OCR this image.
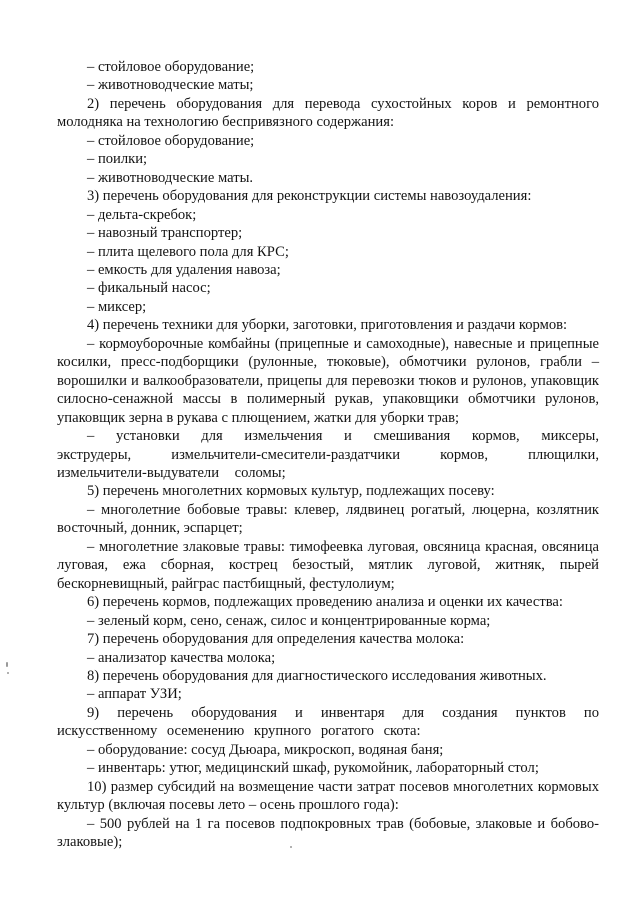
– стойловое оборудование;

– животноводческие маты;

2) перечень оборудования для перевода сухостойных коров и ремонтного молодняка на технологию беспривязного содержания:

– стойловое оборудование;

– поилки;

– животноводческие маты.

3) перечень оборудования для реконструкции системы навозоудаления:

– дельта-скребок;

– навозный транспортер;

– плита щелевого пола для КРС;

– емкость для удаления навоза;

– фикальный насос;

– миксер;

4) перечень техники для уборки, заготовки, приготовления и раздачи кормов:

– кормоуборочные комбайны (прицепные и самоходные), навесные и прицепные косилки, пресс-подборщики (рулонные, тюковые), обмотчики рулонов, грабли – ворошилки и валкообразователи, прицепы для перевозки тюков и рулонов, упаковщик силосно-сенажной массы в полимерный рукав, упаковщики обмотчики рулонов, упаковщик зерна в рукава с плющением, жатки для уборки трав;

– установки для измельчения и смешивания кормов, миксеры, экструдеры, измельчители-смесители-раздатчики кормов, плющилки, измельчители-выдуватели соломы;

5) перечень многолетних кормовых культур, подлежащих посеву:

– многолетние бобовые травы: клевер, лядвинец рогатый, люцерна, козлятник восточный, донник, эспарцет;

– многолетние злаковые травы: тимофеевка луговая, овсяница красная, овсяница луговая, ежа сборная, кострец безостый, мятлик луговой, житняк, пырей бескорневищный, райграс пастбищный, фестулолиум;

6) перечень кормов, подлежащих проведению анализа и оценки их качества:

– зеленый корм, сено, сенаж, силос и концентрированные корма;

7) перечень оборудования для определения качества молока:

– анализатор качества молока;

8) перечень оборудования для диагностического исследования животных.

– аппарат УЗИ;

9) перечень оборудования и инвентаря для создания пунктов по искусственному осеменению крупного рогатого скота:

– оборудование: сосуд Дьюара, микроскоп, водяная баня;

– инвентарь: утюг, медицинский шкаф, рукомойник, лабораторный стол;

10) размер субсидий на возмещение части затрат посевов многолетних кормовых культур (включая посевы лето – осень прошлого года):

– 500 рублей на 1 га посевов подпокровных трав (бобовые, злаковые и бобово-злаковые);
